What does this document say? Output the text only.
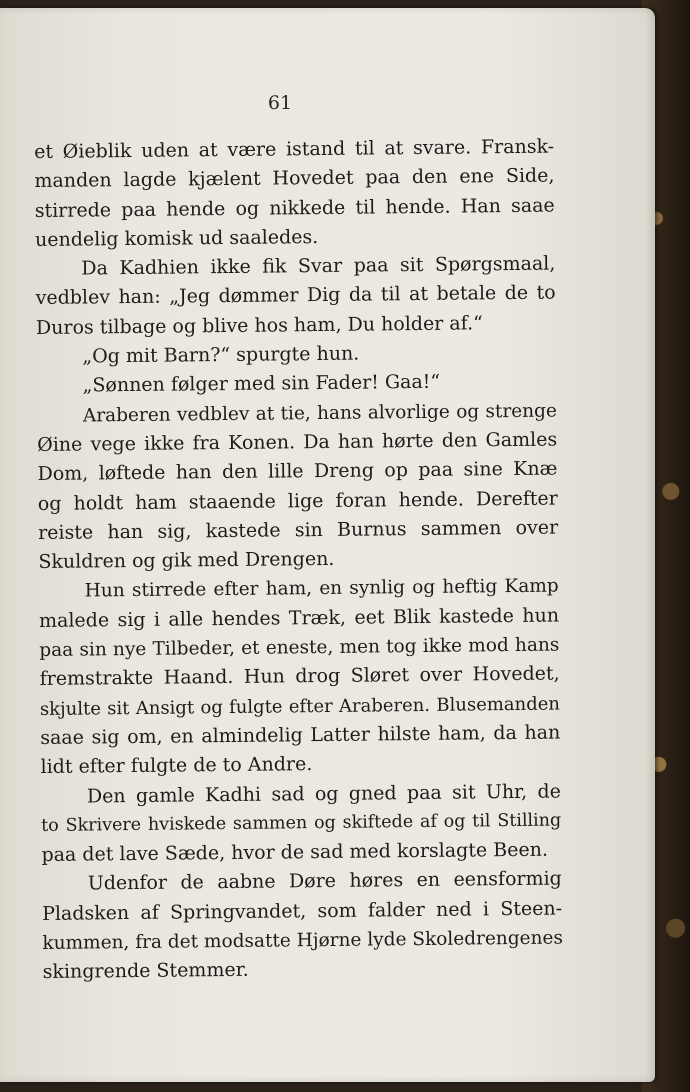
61
et Øieblik uden at være istand til at svare. Fransk-
manden lagde kjælent Hovedet paa den ene Side,
stirrede paa hende og nikkede til hende. Han saae
uendelig komisk ud saaledes.
Da Kadhien ikke fik Svar paa sit Spørgsmaal,
vedblev han: „Jeg dømmer Dig da til at betale de to
Duros tilbage og blive hos ham, Du holder af.“
„Og mit Barn?“ spurgte hun.
„Sønnen følger med sin Fader! Gaa!“
Araberen vedblev at tie, hans alvorlige og strenge
Øine vege ikke fra Konen. Da han hørte den Gamles
Dom, løftede han den lille Dreng op paa sine Knæ
og holdt ham staaende lige foran hende. Derefter
reiste han sig, kastede sin Burnus sammen over
Skuldren og gik med Drengen.
Hun stirrede efter ham, en synlig og heftig Kamp
malede sig i alle hendes Træk, eet Blik kastede hun
paa sin nye Tilbeder, et eneste, men tog ikke mod hans
fremstrakte Haand. Hun drog Sløret over Hovedet,
skjulte sit Ansigt og fulgte efter Araberen. Blusemanden
saae sig om, en almindelig Latter hilste ham, da han
lidt efter fulgte de to Andre.
Den gamle Kadhi sad og gned paa sit Uhr, de
to Skrivere hviskede sammen og skiftede af og til Stilling
paa det lave Sæde, hvor de sad med korslagte Been.
Udenfor de aabne Døre høres en eensformig
Pladsken af Springvandet, som falder ned i Steen-
kummen, fra det modsatte Hjørne lyde Skoledrengenes
skingrende Stemmer.
